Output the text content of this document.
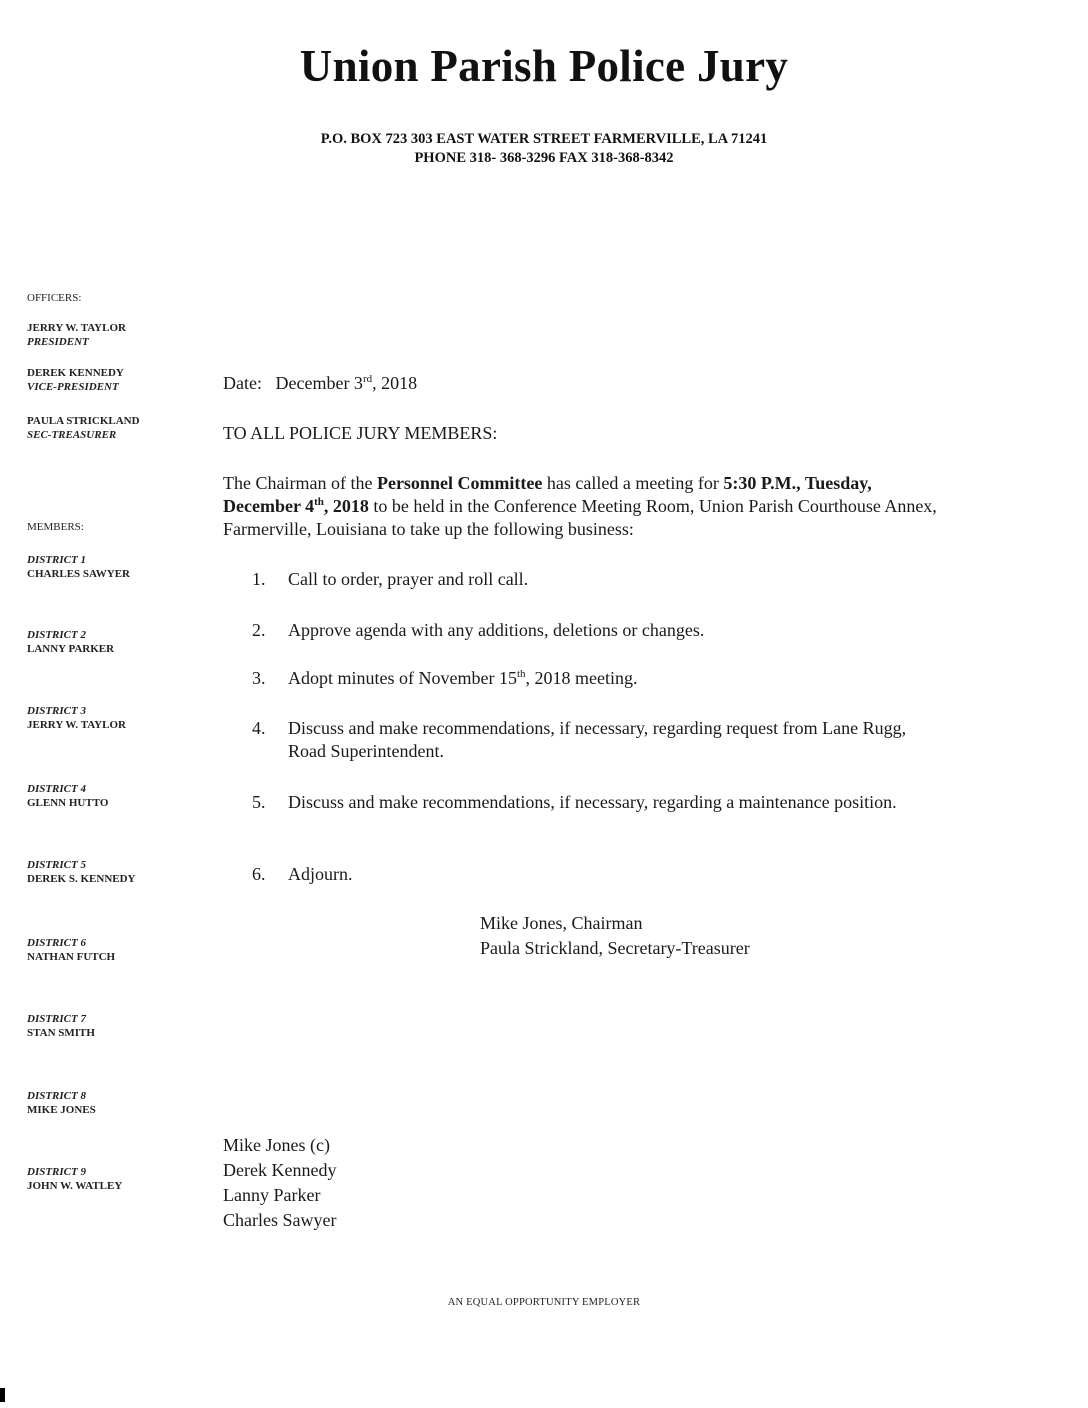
Union Parish Police Jury
P.O. BOX 723 303 EAST WATER STREET FARMERVILLE, LA 71241
PHONE 318- 368-3296 FAX 318-368-8342
OFFICERS:
JERRY W. TAYLOR
PRESIDENT
DEREK KENNEDY
VICE-PRESIDENT
PAULA STRICKLAND
SEC-TREASURER
MEMBERS:
DISTRICT 1
CHARLES SAWYER
DISTRICT 2
LANNY PARKER
DISTRICT 3
JERRY W. TAYLOR
DISTRICT 4
GLENN HUTTO
DISTRICT 5
DEREK S. KENNEDY
DISTRICT 6
NATHAN FUTCH
DISTRICT 7
STAN SMITH
DISTRICT 8
MIKE JONES
DISTRICT 9
JOHN W. WATLEY
Date: December 3rd, 2018
TO ALL POLICE JURY MEMBERS:
The Chairman of the Personnel Committee has called a meeting for 5:30 P.M., Tuesday, December 4th, 2018 to be held in the Conference Meeting Room, Union Parish Courthouse Annex, Farmerville, Louisiana to take up the following business:
1.	Call to order, prayer and roll call.
2.	Approve agenda with any additions, deletions or changes.
3.	Adopt minutes of November 15th, 2018 meeting.
4.	Discuss and make recommendations, if necessary, regarding request from Lane Rugg, Road Superintendent.
5.	Discuss and make recommendations, if necessary, regarding a maintenance position.
6.	Adjourn.
Mike Jones, Chairman
Paula Strickland, Secretary-Treasurer
Mike Jones (c)
Derek Kennedy
Lanny Parker
Charles Sawyer
AN EQUAL OPPORTUNITY EMPLOYER
